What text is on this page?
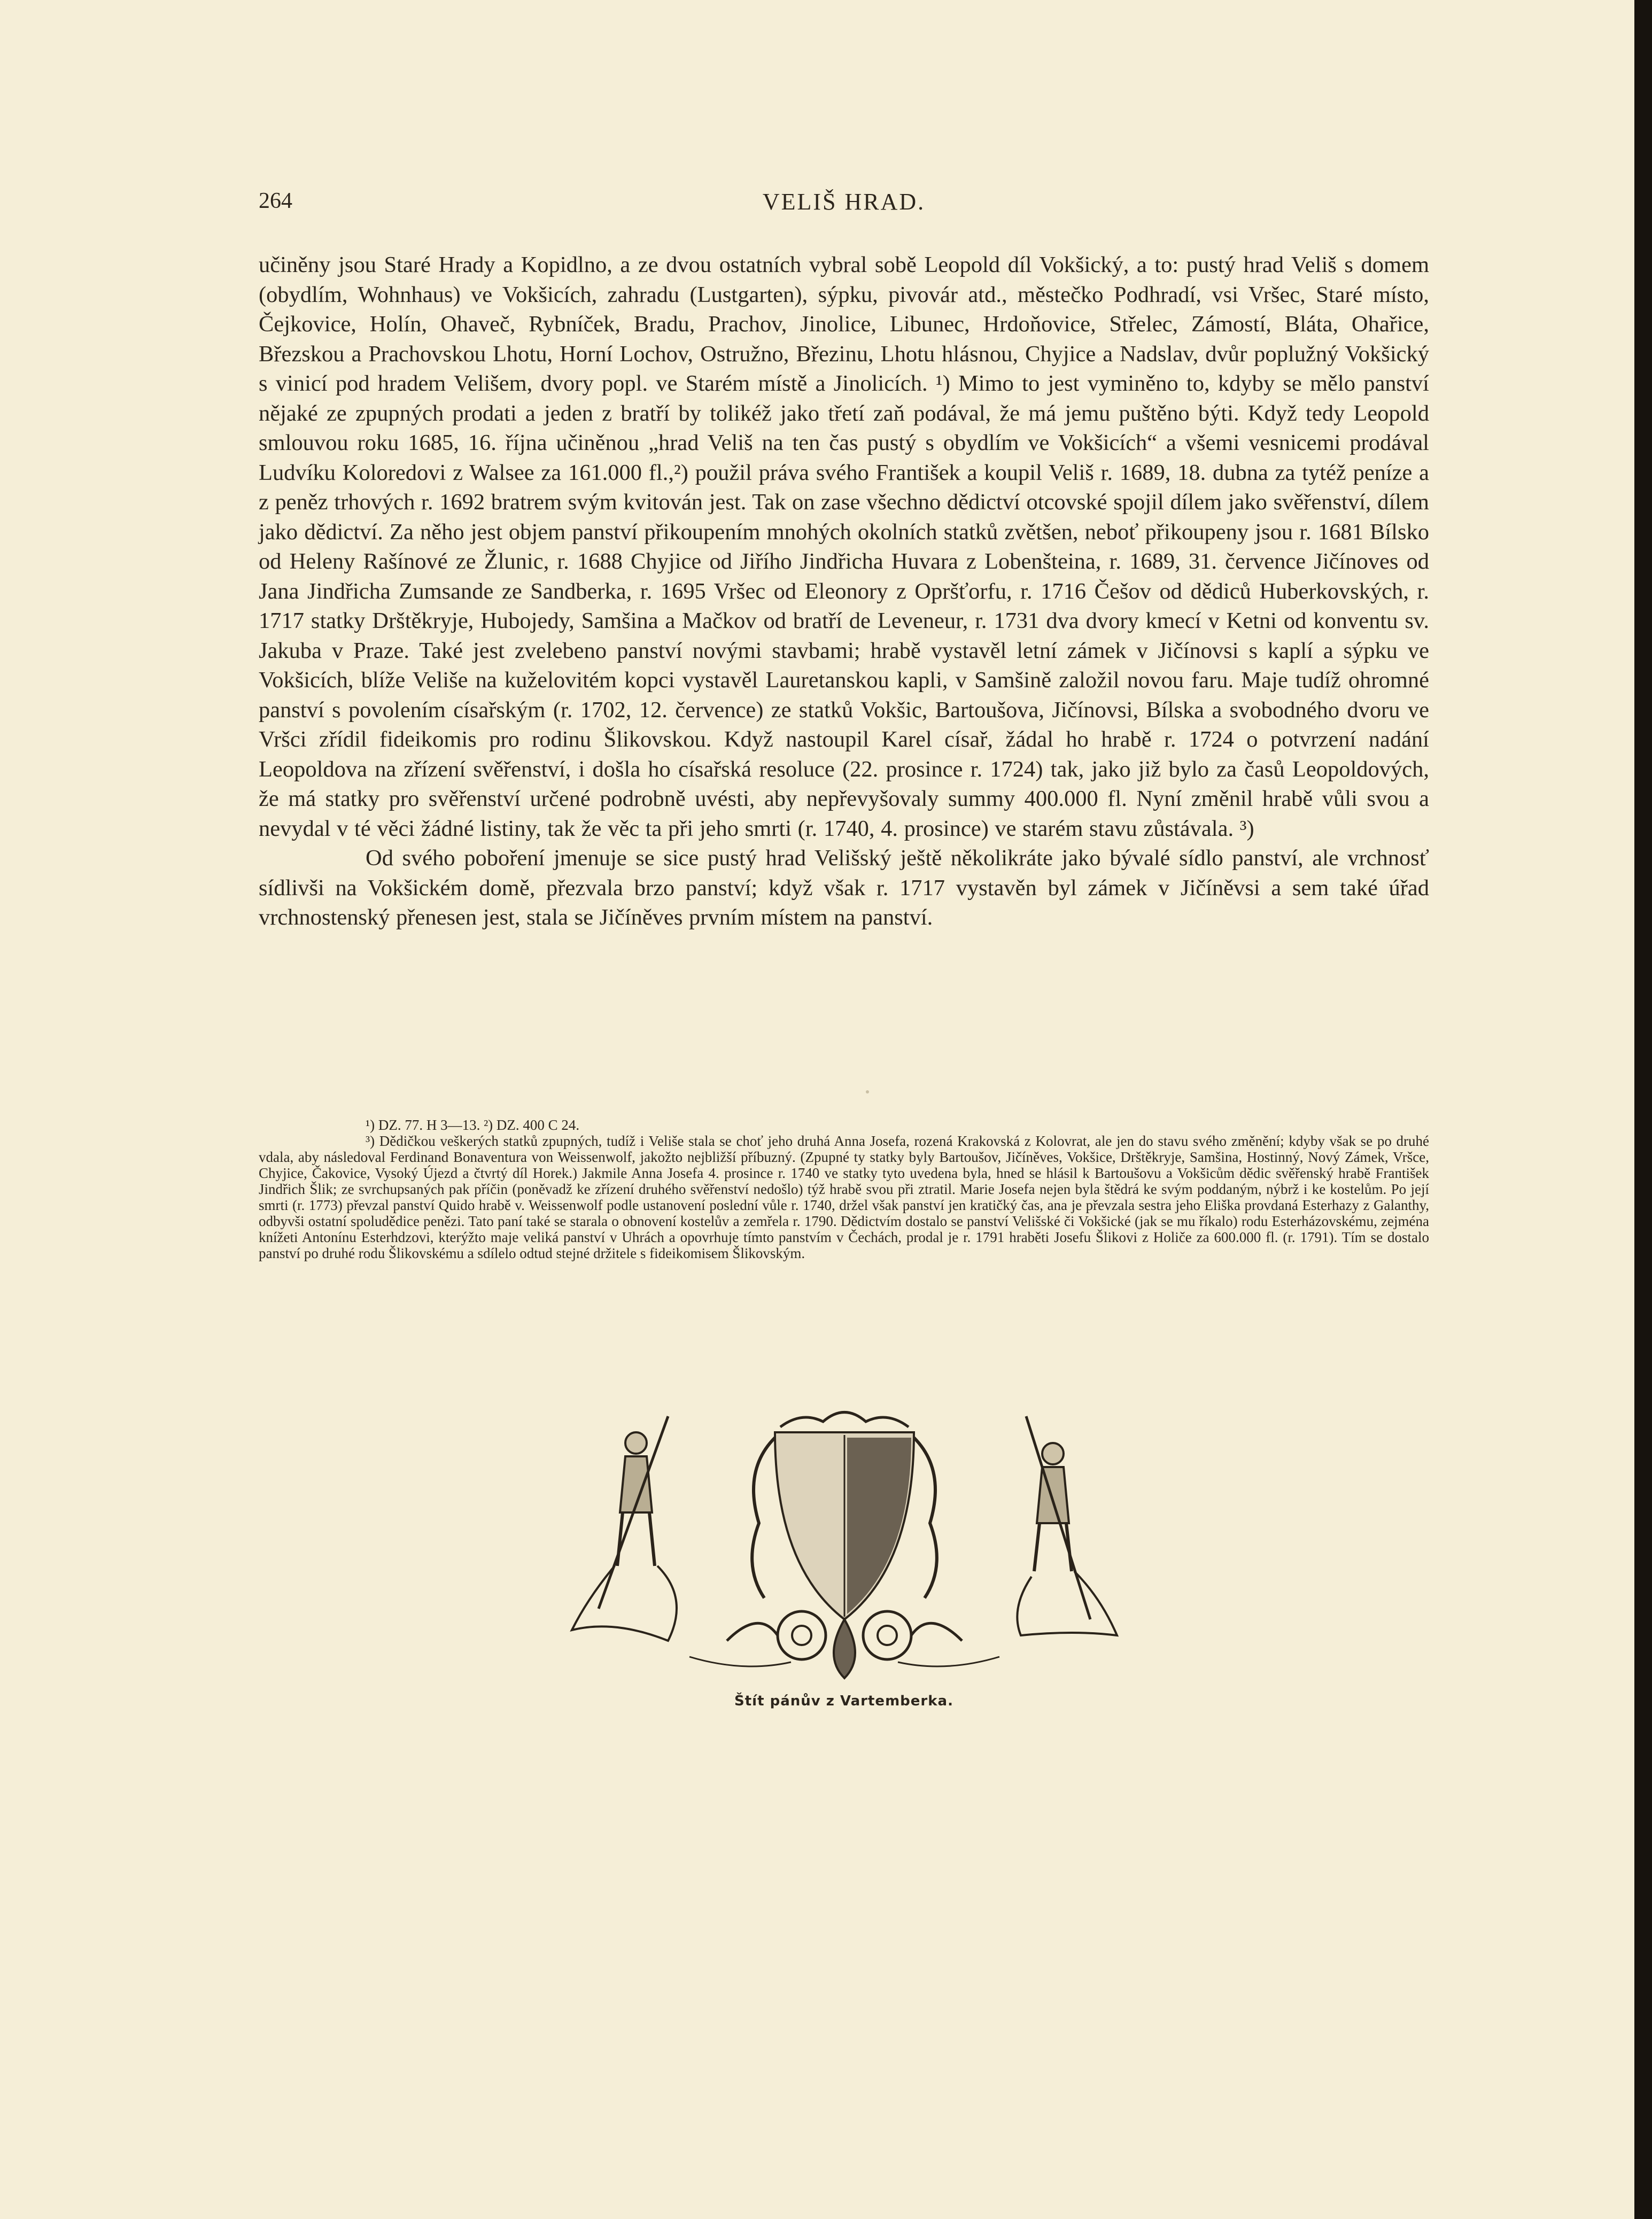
264	VELIŠ HRAD.

učiněny jsou Staré Hrady a Kopidlno, a ze dvou ostatních vybral sobě Leopold díl Vokšický, a to: pustý hrad Veliš s domem (obydlím, Wohnhaus) ve Vokšicích, zahradu (Lustgarten), sýpku, pivovár atd., městečko Podhradí, vsi Vršec, Staré místo, Čejkovice, Holín, Ohaveč, Rybníček, Bradu, Prachov, Jinolice, Libunec, Hrdoňovice, Střelec, Zámostí, Bláta, Ohařice, Březskou a Prachovskou Lhotu, Horní Lochov, Ostružno, Březinu, Lhotu hlásnou, Chyjice a Nadslav, dvůr poplužný Vokšický s vinicí pod hradem Velišem, dvory popl. ve Starém místě a Jinolicích. ¹) Mimo to jest vyminěno to, kdyby se mělo panství nějaké ze zpupných prodati a jeden z bratří by tolikéž jako třetí zaň podával, že má jemu puštěno býti. Když tedy Leopold smlouvou roku 1685, 16. října učiněnou „hrad Veliš na ten čas pustý s obydlím ve Vokšicích“ a všemi vesnicemi prodával Ludvíku Koloredovi z Walsee za 161.000 fl.,²) použil práva svého František a koupil Veliš r. 1689, 18. dubna za tytéž peníze a z peněz trhových r. 1692 bratrem svým kvitován jest. Tak on zase všechno dědictví otcovské spojil dílem jako svěřenství, dílem jako dědictví. Za něho jest objem panství přikoupením mnohých okolních statků zvětšen, neboť přikoupeny jsou r. 1681 Bílsko od Heleny Rašínové ze Žlunic, r. 1688 Chyjice od Jiřího Jindřicha Huvara z Lobenšteina, r. 1689, 31. července Jičínoves od Jana Jindřicha Zumsande ze Sandberka, r. 1695 Vršec od Eleonory z Opršťorfu, r. 1716 Češov od dědiců Huberkovských, r. 1717 statky Drštěkryje, Hubojedy, Samšina a Mačkov od bratří de Leveneur, r. 1731 dva dvory kmecí v Ketni od konventu sv. Jakuba v Praze. Také jest zvelebeno panství novými stavbami; hrabě vystavěl letní zámek v Jičínovsi s kaplí a sýpku ve Vokšicích, blíže Veliše na kuželovitém kopci vystavěl Lauretanskou kapli, v Samšině založil novou faru. Maje tudíž ohromné panství s povolením císařským (r. 1702, 12. července) ze statků Vokšic, Bartoušova, Jičínovsi, Bílska a svobodného dvoru ve Vršci zřídil fideikomis pro rodinu Šlikovskou. Když nastoupil Karel císař, žádal ho hrabě r. 1724 o potvrzení nadání Leopoldova na zřízení svěřenství, i došla ho císařská resoluce (22. prosince r. 1724) tak, jako již bylo za časů Leopoldových, že má statky pro svěřenství určené podrobně uvésti, aby nepřevyšovaly summy 400.000 fl. Nyní změnil hrabě vůli svou a nevydal v té věci žádné listiny, tak že věc ta při jeho smrti (r. 1740, 4. prosince) ve starém stavu zůstávala. ³)

Od svého poboření jmenuje se sice pustý hrad Velišský ještě několikráte jako bývalé sídlo panství, ale vrchnosť sídlivši na Vokšickém domě, přezvala brzo panství; když však r. 1717 vystavěn byl zámek v Jičíněvsi a sem také úřad vrchnostenský přenesen jest, stala se Jičíněves prvním místem na panství.

¹) DZ. 77. H 3—13. ²) DZ. 400 C 24.

³) Dědičkou veškerých statků zpupných, tudíž i Veliše stala se choť jeho druhá Anna Josefa, rozená Krakovská z Kolovrat, ale jen do stavu svého změnění; kdyby však se po druhé vdala, aby následoval Ferdinand Bonaventura von Weissenwolf, jakožto nejbližší příbuzný. (Zpupné ty statky byly Bartoušov, Jičíněves, Vokšice, Drštěkryje, Samšina, Hostinný, Nový Zámek, Vršce, Chyjice, Čakovice, Vysoký Újezd a čtvrtý díl Horek.) Jakmile Anna Josefa 4. prosince r. 1740 ve statky tyto uvedena byla, hned se hlásil k Bartoušovu a Vokšicům dědic svěřenský hrabě František Jindřich Šlik; ze svrchupsaných pak příčin (poněvadž ke zřízení druhého svěřenství nedošlo) týž hrabě svou při ztratil. Marie Josefa nejen byla štědrá ke svým poddaným, nýbrž i ke kostelům. Po její smrti (r. 1773) převzal panství Quido hrabě v. Weissenwolf podle ustanovení poslední vůle r. 1740, držel však panství jen kratičký čas, ana je převzala sestra jeho Eliška provdaná Esterhazy z Galanthy, odbyvši ostatní spoludědice penězi. Tato paní také se starala o obnovení kostelův a zemřela r. 1790. Dědictvím dostalo se panství Velišské či Vokšické (jak se mu říkalo) rodu Esterházovskému, zejména knížeti Antonínu Esterhdzovi, kterýžto maje veliká panství v Uhrách a opovrhuje tímto panstvím v Čechách, prodal je r. 1791 hraběti Josefu Šlikovi z Holiče za 600.000 fl. (r. 1791). Tím se dostalo panství po druhé rodu Šlikovskému a sdílelo odtud stejné držitele s fideikomisem Šlikovským.

Štít pánův z Vartemberka.
